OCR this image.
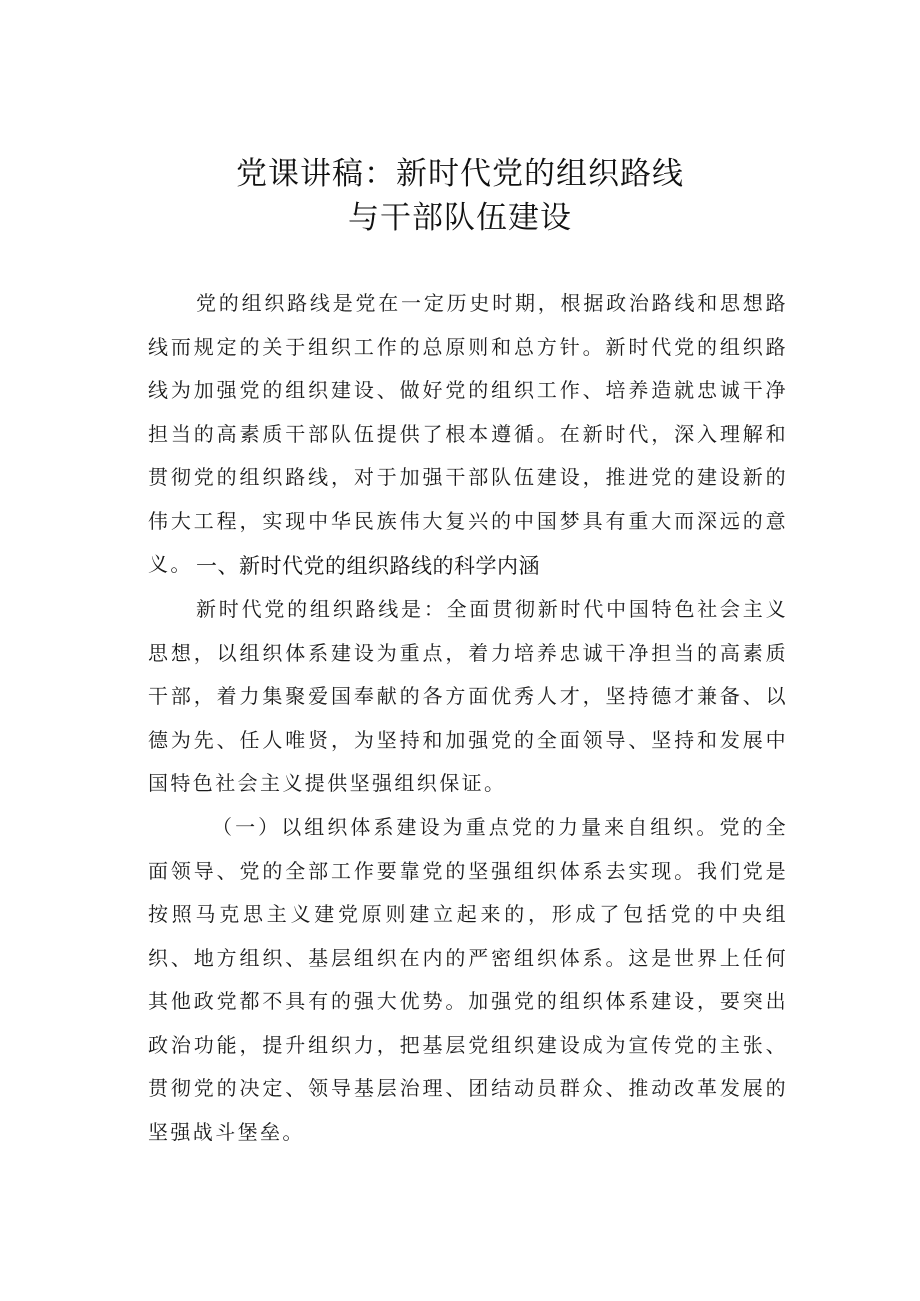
党课讲稿：新时代党的组织路线
与干部队伍建设

党的组织路线是党在一定历史时期，根据政治路线和思想路线而规定的关于组织工作的总原则和总方针。新时代党的组织路线为加强党的组织建设、做好党的组织工作、培养造就忠诚干净担当的高素质干部队伍提供了根本遵循。在新时代，深入理解和贯彻党的组织路线，对于加强干部队伍建设，推进党的建设新的伟大工程，实现中华民族伟大复兴的中国梦具有重大而深远的意义。 一、新时代党的组织路线的科学内涵

新时代党的组织路线是：全面贯彻新时代中国特色社会主义思想，以组织体系建设为重点，着力培养忠诚干净担当的高素质干部，着力集聚爱国奉献的各方面优秀人才，坚持德才兼备、以德为先、任人唯贤，为坚持和加强党的全面领导、坚持和发展中国特色社会主义提供坚强组织保证。

（一）以组织体系建设为重点党的力量来自组织。党的全面领导、党的全部工作要靠党的坚强组织体系去实现。我们党是按照马克思主义建党原则建立起来的，形成了包括党的中央组织、地方组织、基层组织在内的严密组织体系。这是世界上任何其他政党都不具有的强大优势。加强党的组织体系建设，要突出政治功能，提升组织力，把基层党组织建设成为宣传党的主张、贯彻党的决定、领导基层治理、团结动员群众、推动改革发展的坚强战斗堡垒。
